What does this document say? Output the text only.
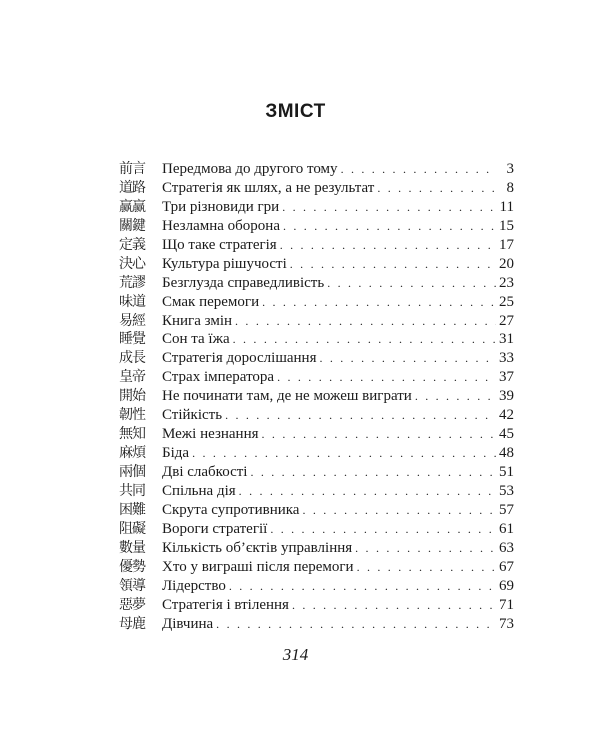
ЗМІСТ
前言	Передмова до другого тому . . .	3
道路	Стратегія як шлях, а не результат . . .	8
赢赢	Три різновиди гри . . .	11
關鍵	Незламна оборона . . .	15
定義	Що таке стратегія . . .	17
決心	Культура рішучості . . .	20
荒謬	Безглузда справедливість . . .	23
味道	Смак перемоги . . .	25
易經	Книга змін . . .	27
睡覺	Сон та їжа . . .	31
成長	Стратегія дорослішання . . .	33
皇帝	Страх імператора . . .	37
開始	Не починати там, де не можеш виграти . . .	39
韌性	Стійкість . . .	42
無知	Межі незнання . . .	45
麻煩	Біда . . .	48
兩個	Дві слабкості . . .	51
共同	Спільна дія . . .	53
困難	Скрута супротивника . . .	57
阻礙	Вороги стратегії . . .	61
數量	Кількість об’єктів управління . . .	63
優勢	Хто у виграші після перемоги . . .	67
領導	Лідерство . . .	69
惡夢	Стратегія і втілення . . .	71
母鹿	Дівчина . . .	73
314
